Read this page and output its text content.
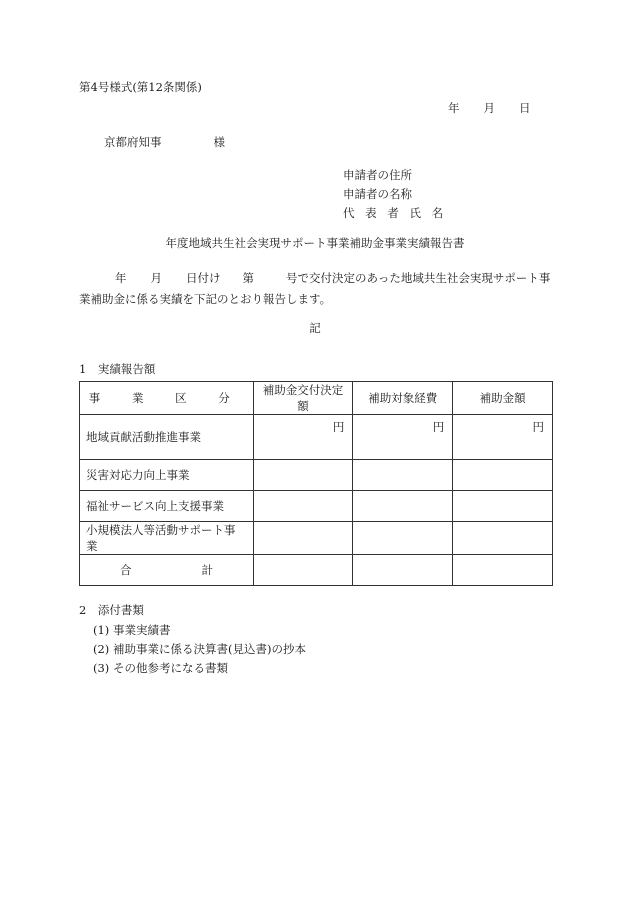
第4号様式(第12条関係)
年 月 日
京都府知事	様
申請者の住所
申請者の名称
代 表 者 氏 名
年度地域共生社会実現サポート事業補助金事業実績報告書
年 月 日付け 第	号で交付決定のあった地域共生社会実現サポート事業補助金に係る実績を下記のとおり報告します。
記
1　実績報告額
事 業 区 分	補助金交付決定額	補助対象経費	補助金額
地域貢献活動推進事業	円	円	円
災害対応力向上事業			
福祉サービス向上支援事業			
小規模法人等活動サポート事業			
合 計			
2　添付書類
(1) 事業実績書
(2) 補助事業に係る決算書(見込書)の抄本
(3) その他参考になる書類
